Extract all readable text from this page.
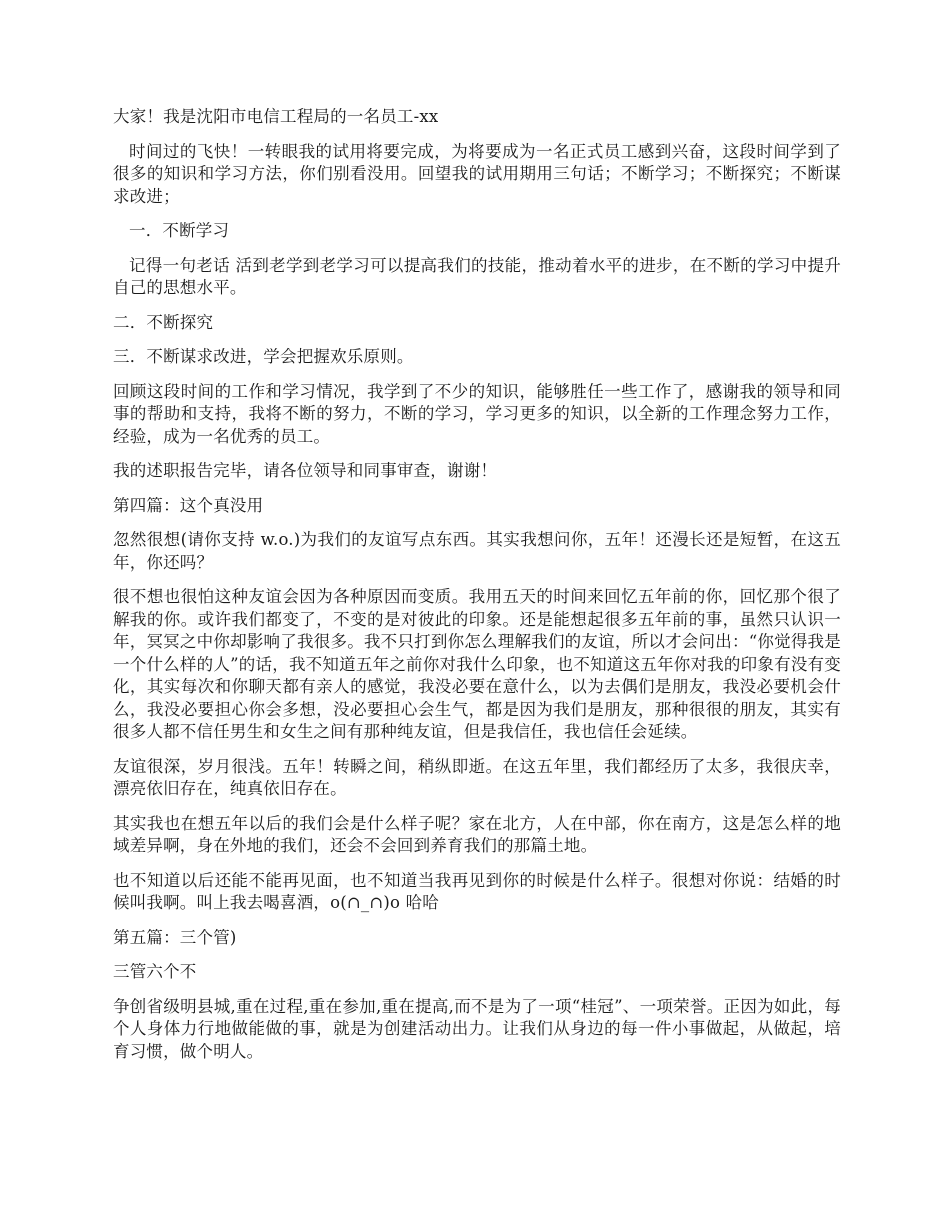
大家！我是沈阳市电信工程局的一名员工-xx

时间过的飞快！一转眼我的试用将要完成，为将要成为一名正式员工感到兴奋，这段时间学到了很多的知识和学习方法，你们别看没用。回望我的试用期用三句话；不断学习；不断探究；不断谋求改进；

一．不断学习

记得一句老话 活到老学到老学习可以提高我们的技能，推动着水平的进步，在不断的学习中提升自己的思想水平。

二．不断探究

三．不断谋求改进，学会把握欢乐原则。

回顾这段时间的工作和学习情况，我学到了不少的知识，能够胜任一些工作了，感谢我的领导和同事的帮助和支持，我将不断的努力，不断的学习，学习更多的知识，以全新的工作理念努力工作，经验，成为一名优秀的员工。

我的述职报告完毕，请各位领导和同事审查，谢谢！

第四篇：这个真没用

忽然很想(请你支持 w.o.)为我们的友谊写点东西。其实我想问你，五年！还漫长还是短暂，在这五年，你还吗？

很不想也很怕这种友谊会因为各种原因而变质。我用五天的时间来回忆五年前的你，回忆那个很了解我的你。或许我们都变了，不变的是对彼此的印象。还是能想起很多五年前的事，虽然只认识一年，冥冥之中你却影响了我很多。我不只打到你怎么理解我们的友谊，所以才会问出：“你觉得我是一个什么样的人”的话，我不知道五年之前你对我什么印象，也不知道这五年你对我的印象有没有变化，其实每次和你聊天都有亲人的感觉，我没必要在意什么，以为去偶们是朋友，我没必要机会什么，我没必要担心你会多想，没必要担心会生气，都是因为我们是朋友，那种很很的朋友，其实有很多人都不信任男生和女生之间有那种纯友谊，但是我信任，我也信任会延续。

友谊很深，岁月很浅。五年！转瞬之间，稍纵即逝。在这五年里，我们都经历了太多，我很庆幸，漂亮依旧存在，纯真依旧存在。

其实我也在想五年以后的我们会是什么样子呢？家在北方，人在中部，你在南方，这是怎么样的地域差异啊，身在外地的我们，还会不会回到养育我们的那篇土地。

也不知道以后还能不能再见面，也不知道当我再见到你的时候是什么样子。很想对你说：结婚的时候叫我啊。叫上我去喝喜酒，o(∩_∩)o 哈哈

第五篇：三个管)

三管六个不

争创省级明县城,重在过程,重在参加,重在提高,而不是为了一项“桂冠”、一项荣誉。正因为如此，每个人身体力行地做能做的事，就是为创建活动出力。让我们从身边的每一件小事做起，从做起，培育习惯，做个明人。
